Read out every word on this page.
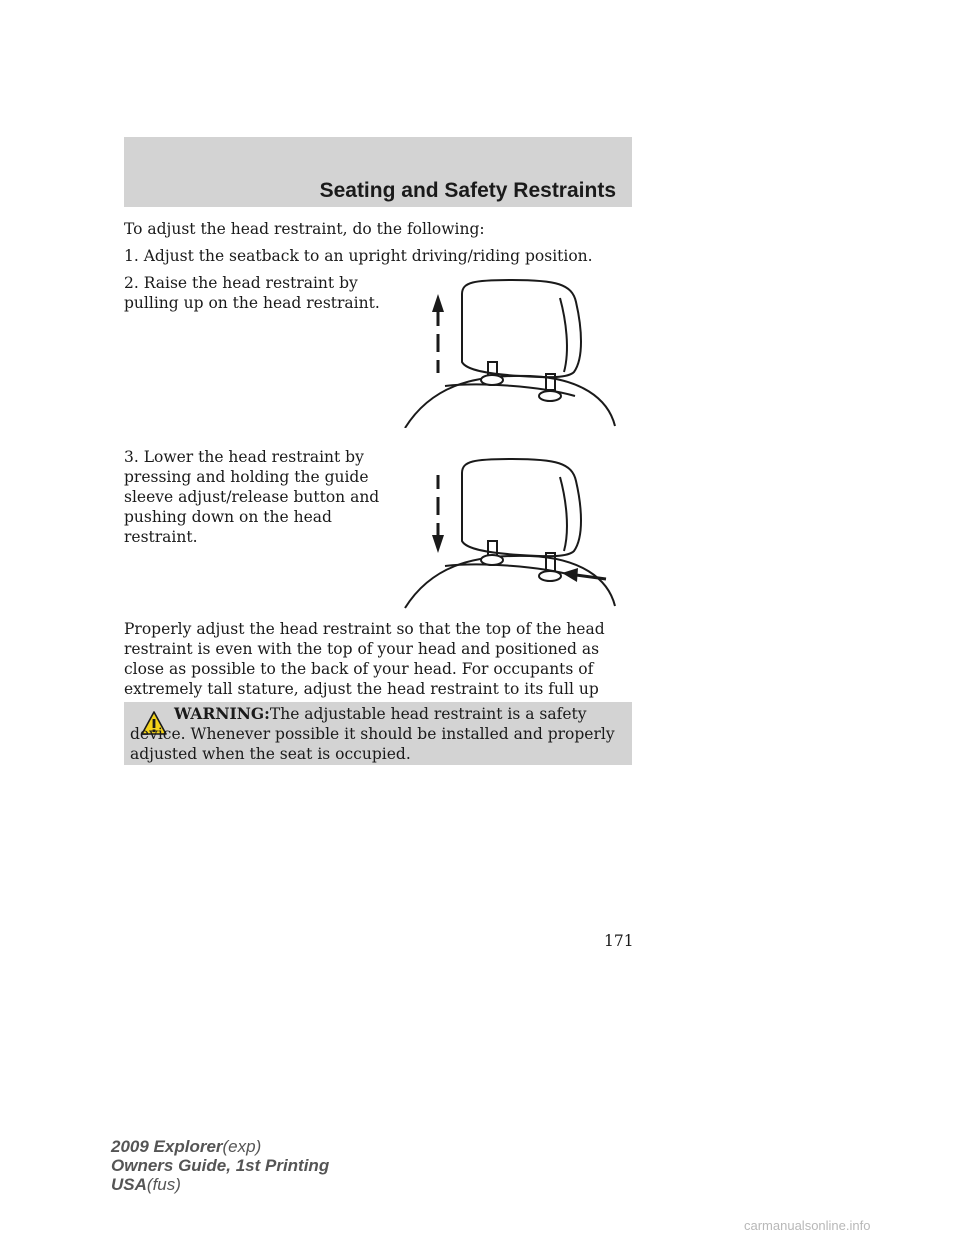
Seating and Safety Restraints

To adjust the head restraint, do the following:

1. Adjust the seatback to an upright driving/riding position.

2. Raise the head restraint by pulling up on the head restraint.

3. Lower the head restraint by pressing and holding the guide sleeve adjust/release button and pushing down on the head restraint.

Properly adjust the head restraint so that the top of the head restraint is even with the top of your head and positioned as close as possible to the back of your head. For occupants of extremely tall stature, adjust the head restraint to its full up

WARNING:The adjustable head restraint is a safety device. Whenever possible it should be installed and properly adjusted when the seat is occupied.

171

2009 Explorer(exp)
Owners Guide, 1st Printing
USA(fus)
carmanualsonline.info
